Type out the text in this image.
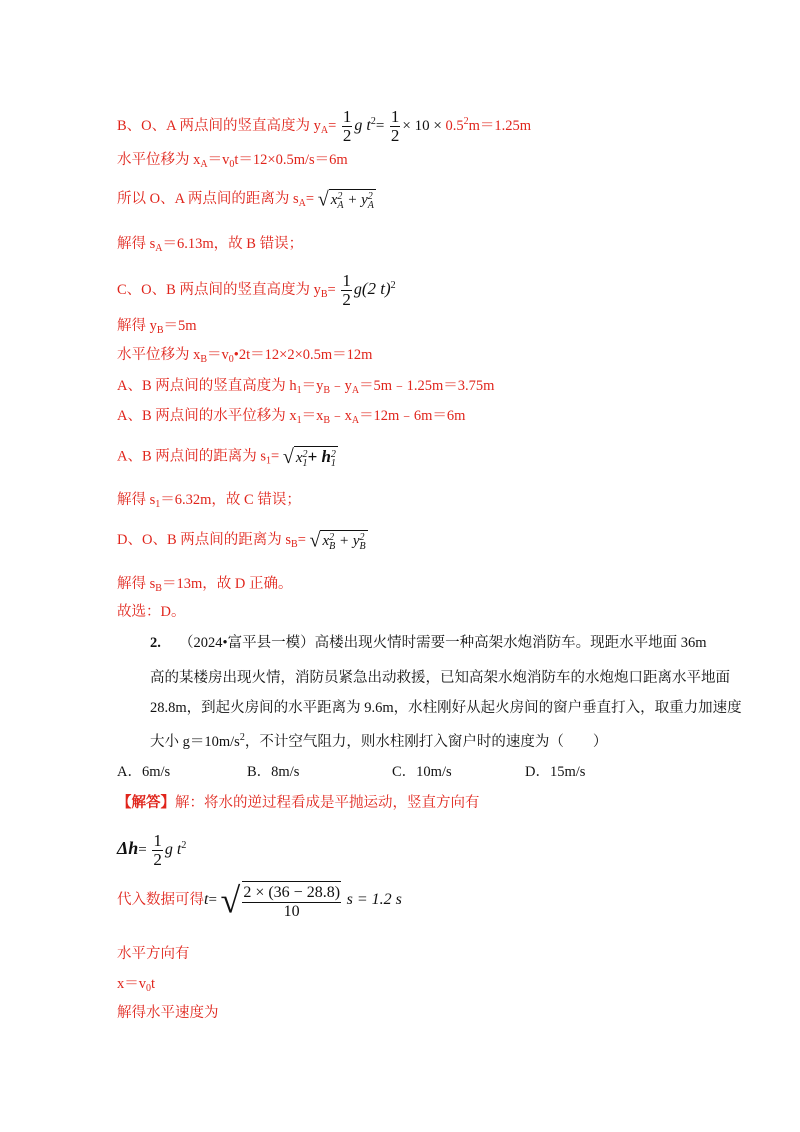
B、O、A 两点间的竖直高度为 $y_A= \frac{1}{2}$ g $t^2= \frac{1}{2} \times 10 \times 0.5^2m=1.25m$
水平位移为 $x_A=v_0t=12\times 0.5m/s=6m$
所以 O、A 两点间的距离为 $s_A=$ √ x2
A + y2
A
解得 $s_A=6.13m$，故 B 错误；
C、O、B 两点间的竖直高度为 $y_B= \frac{1}{2} g(2$ t)$^2$
解得 $y_B=5m$
水平位移为 $x_B=v_0•2t=12\times 2\times 0.5m=12m$
A、B 两点间的竖直高度为 $h_1=y_B﹣y_A=5m﹣1.25m=3.75m$
A、B 两点间的水平位移为 $x_1=x_B﹣x_A=12m﹣6m=6m$
A、B 两点间的距离为 $s_1=$ √ x2
1+ h2
1
解得 $s_1=6.32m$，故 C 错误；
D、O、B 两点间的距离为 $s_B=$ √ x2
B + y2
B
解得 $s_B=13m$，故 D 正确。
故选：D。
2. （2024•富平县一模）高楼出现火情时需要一种高架水炮消防车。现距水平地面 36m
高的某楼房出现火情，消防员紧急出动救援，已知高架水炮消防车的水炮炮口距离水平地面
28.8m，到起火房间的水平距离为 9.6m，水柱刚好从起火房间的窗户垂直打入，取重力加速度
大小 $g=10m/s^2$，不计空气阻力，则水柱刚打入窗户时的速度为（　　）
A．6m/s	B．8m/s	C．10m/s	D．15m/s
【解答】解：将水的逆过程看成是平抛运动，竖直方向有
$\Delta h= \frac{1}{2}$ g $t^2$
代入数据可得t= √ $\frac{2 \times (36 - 28.8)}{10}$ s = 1.2 s
水平方向有
$x=v_0t$
解得水平速度为
